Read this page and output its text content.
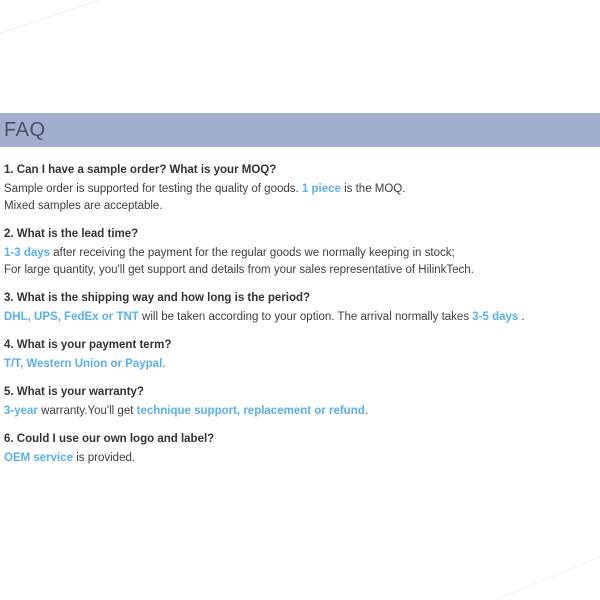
FAQ
1. Can I have a sample order? What is your MOQ?
Sample order is supported for testing the quality of goods. 1 piece is the MOQ.
Mixed samples are acceptable.
2. What is the lead time?
1-3 days after receiving the payment for the regular goods we normally keeping in stock;
For large quantity, you'll get support and details from your sales representative of HilinkTech.
3. What is the shipping way and how long is the period?
DHL, UPS, FedEx or TNT will be taken according to your option. The arrival normally takes 3-5 days .
4. What is your payment term?
T/T, Western Union or Paypal.
5. What is your warranty?
3-year warranty.You'll get technique support, replacement or refund.
6. Could I use our own logo and label?
OEM service is provided.
